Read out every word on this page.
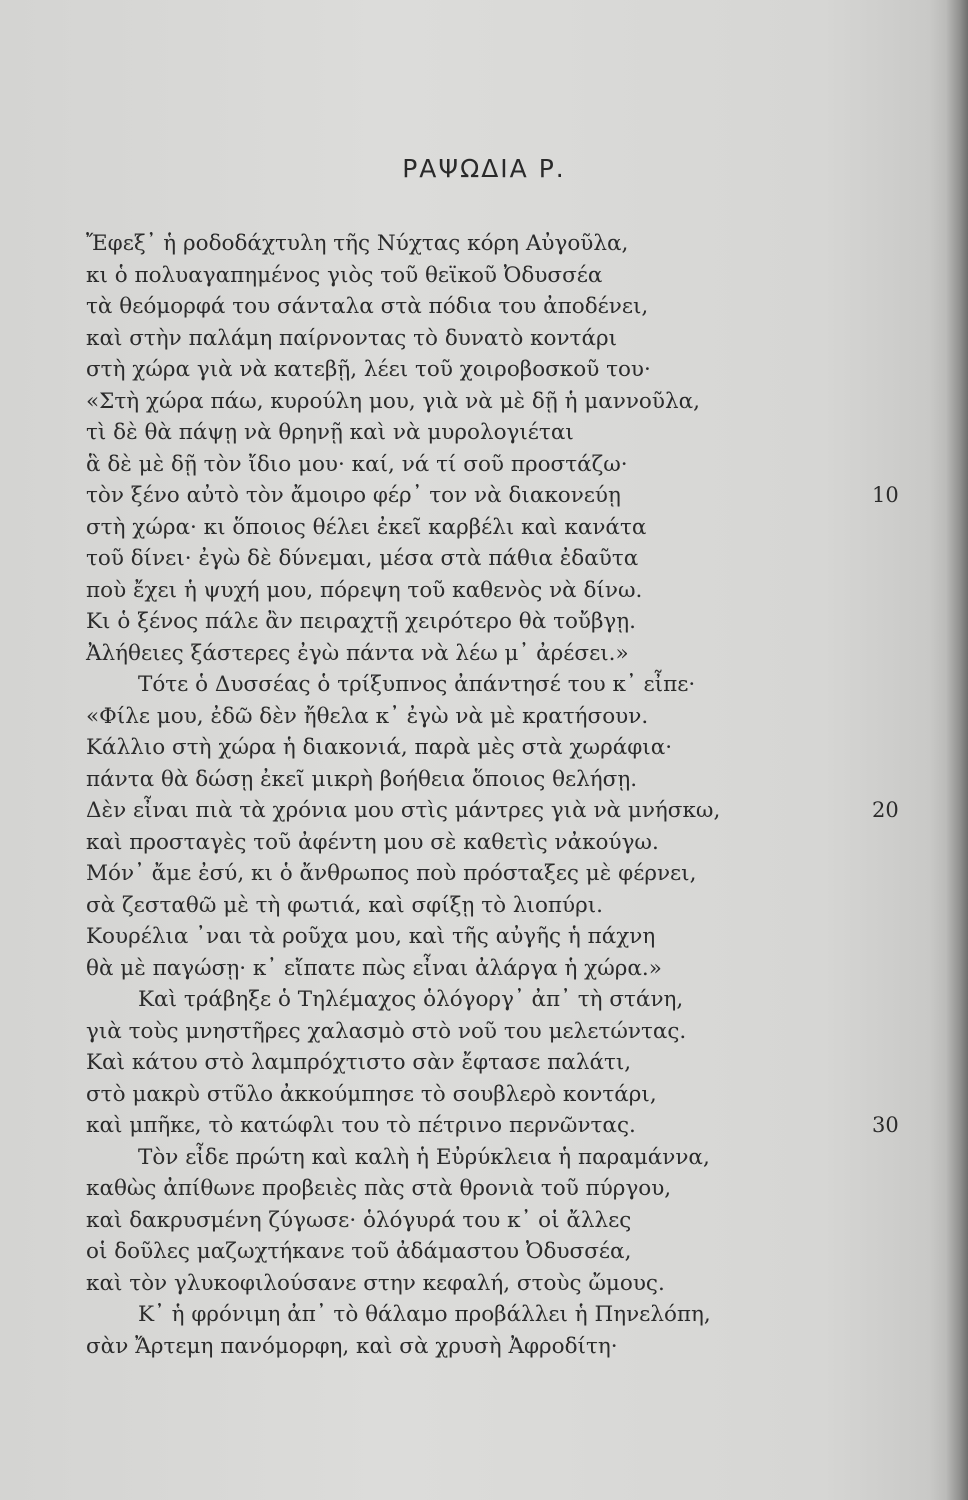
ΡΑΨΩΔΙΑ Ρ.
Ἔφεξ᾽ ἡ ροδοδάχτυλη τῆς Νύχτας κόρη Αὐγοῦλα,
κι ὁ πολυαγαπημένος γιὸς τοῦ θεϊκοῦ Ὀδυσσέα
τὰ θεόμορφά του σάνταλα στὰ πόδια του ἀποδένει,
καὶ στὴν παλάμη παίρνοντας τὸ δυνατὸ κοντάρι
στὴ χώρα γιὰ νὰ κατεβῇ, λέει τοῦ χοιροβοσκοῦ του·
«Στὴ χώρα πάω, κυρούλη μου, γιὰ νὰ μὲ δῇ ἡ μαννοῦλα,
τὶ δὲ θὰ πάψῃ νὰ θρηνῇ καὶ νὰ μυρολογιέται
ἃ δὲ μὲ δῇ τὸν ἴδιο μου· καί, νά τί σοῦ προστάζω·
τὸν ξένο αὐτὸ τὸν ἄμοιρο φέρ᾽ τον νὰ διακονεύῃ	10
στὴ χώρα· κι ὅποιος θέλει ἐκεῖ καρβέλι καὶ κανάτα
τοῦ δίνει· ἐγὼ δὲ δύνεμαι, μέσα στὰ πάθια ἐδαῦτα
ποὺ ἔχει ἡ ψυχή μου, πόρεψη τοῦ καθενὸς νὰ δίνω.
Κι ὁ ξένος πάλε ἂν πειραχτῇ χειρότερο θὰ τοὔβγῃ.
Ἀλήθειες ξάστερες ἐγὼ πάντα νὰ λέω μ᾽ ἀρέσει.»
Τότε ὁ Δυσσέας ὁ τρίξυπνος ἀπάντησέ του κ᾽ εἶπε·
«Φίλε μου, ἐδῶ δὲν ἤθελα κ᾽ ἐγὼ νὰ μὲ κρατήσουν.
Κάλλιο στὴ χώρα ἡ διακονιά, παρὰ μὲς στὰ χωράφια·
πάντα θὰ δώσῃ ἐκεῖ μικρὴ βοήθεια ὅποιος θελήσῃ.
Δὲν εἶναι πιὰ τὰ χρόνια μου στὶς μάντρες γιὰ νὰ μνήσκω,	20
καὶ προσταγὲς τοῦ ἀφέντη μου σὲ καθετὶς νἀκούγω.
Μόν᾽ ἄμε ἐσύ, κι ὁ ἄνθρωπος ποὺ πρόσταξες μὲ φέρνει,
σὰ ζεσταθῶ μὲ τὴ φωτιά, καὶ σφίξῃ τὸ λιοπύρι.
Κουρέλια ᾽ναι τὰ ροῦχα μου, καὶ τῆς αὐγῆς ἡ πάχνη
θὰ μὲ παγώσῃ· κ᾽ εἴπατε πὼς εἶναι ἀλάργα ἡ χώρα.»
Καὶ τράβηξε ὁ Τηλέμαχος ὁλόγοργ᾽ ἀπ᾽ τὴ στάνη,
γιὰ τοὺς μνηστῆρες χαλασμὸ στὸ νοῦ του μελετώντας.
Καὶ κάτου στὸ λαμπρόχτιστο σὰν ἔφτασε παλάτι,
στὸ μακρὺ στῦλο ἀκκούμπησε τὸ σουβλερὸ κοντάρι,
καὶ μπῆκε, τὸ κατώφλι του τὸ πέτρινο περνῶντας.	30
Τὸν εἶδε πρώτη καὶ καλὴ ἡ Εὐρύκλεια ἡ παραμάννα,
καθὼς ἀπίθωνε προβειὲς πὰς στὰ θρονιὰ τοῦ πύργου,
καὶ δακρυσμένη ζύγωσε· ὁλόγυρά του κ᾽ οἱ ἄλλες
οἱ δοῦλες μαζωχτήκανε τοῦ ἀδάμαστου Ὀδυσσέα,
καὶ τὸν γλυκοφιλούσανε στην κεφαλή, στοὺς ὤμους.
Κ᾽ ἡ φρόνιμη ἀπ᾽ τὸ θάλαμο προβάλλει ἡ Πηνελόπη,
σὰν Ἄρτεμη πανόμορφη, καὶ σὰ χρυσὴ Ἀφροδίτη·
